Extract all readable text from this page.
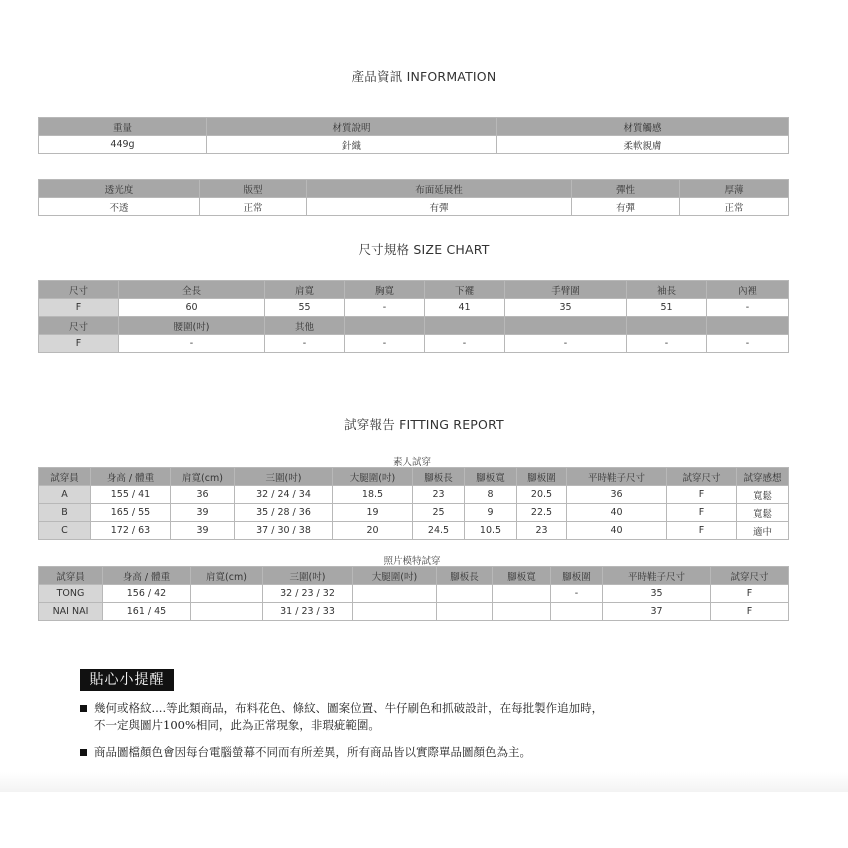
產品資訊 INFORMATION
重量	材質說明	材質觸感
449g	針織	柔軟親膚
透光度	版型	布面延展性	彈性	厚薄
不透	正常	有彈	有彈	正常
尺寸規格 SIZE CHART
尺寸	全長	肩寬	胸寬	下襬	手臂圍	袖長	內裡
F	60	55	-	41	35	51	-
尺寸	腰圍(吋)	其他					
F	-	-	-	-	-	-	-
試穿報告 FITTING REPORT
素人試穿
試穿員	身高 / 體重	肩寬(cm)	三圍(吋)	大腿圍(吋)	腳板長	腳板寬	腳板圍	平時鞋子尺寸	試穿尺寸	試穿感想
A	155 / 41	36	32 / 24 / 34	18.5	23	8	20.5	36	F	寬鬆
B	165 / 55	39	35 / 28 / 36	19	25	9	22.5	40	F	寬鬆
C	172 / 63	39	37 / 30 / 38	20	24.5	10.5	23	40	F	適中
照片模特試穿
試穿員	身高 / 體重	肩寬(cm)	三圍(吋)	大腿圍(吋)	腳板長	腳板寬	腳板圍	平時鞋子尺寸	試穿尺寸
TONG	156 / 42		32 / 23 / 32				-	35	F
NAI NAI	161 / 45		31 / 23 / 33					37	F
貼心小提醒
幾何或格紋....等此類商品，布料花色、條紋、圖案位置、牛仔刷色和抓破設計，在每批製作追加時，
不一定與圖片100%相同，此為正常現象，非瑕疵範圍。
商品圖檔顏色會因每台電腦螢幕不同而有所差異，所有商品皆以實際單品圖顏色為主。
